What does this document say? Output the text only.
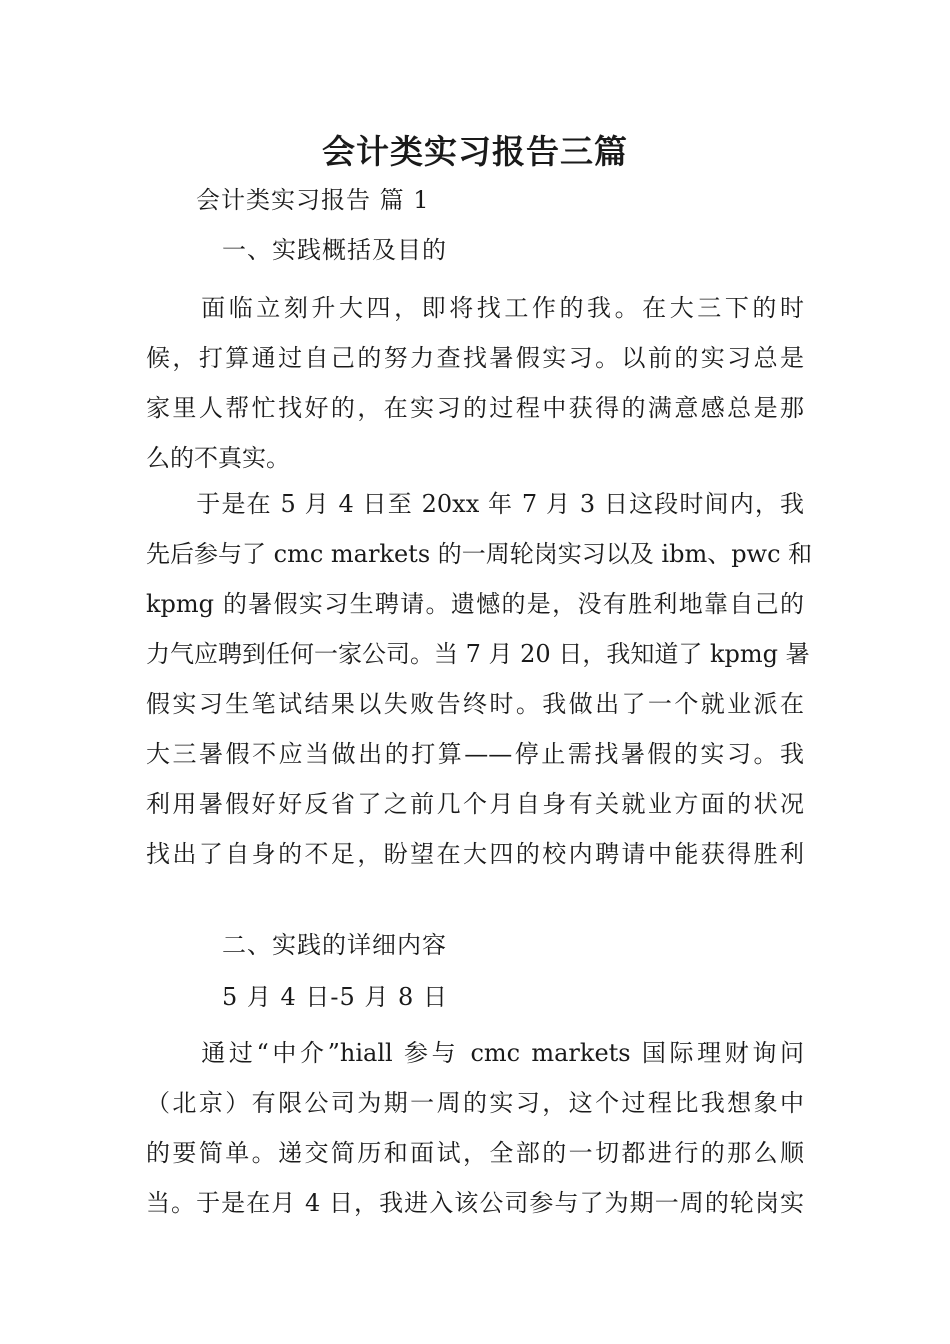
会计类实习报告三篇
会计类实习报告 篇 1
一、实践概括及目的
　　面临立刻升大四，即将找工作的我。在大三下的时
候，打算通过自己的努力查找暑假实习。以前的实习总是
家里人帮忙找好的，在实习的过程中获得的满意感总是那
么的不真实。
　　于是在 5 月 4 日至 20xx 年 7 月 3 日这段时间内，我
先后参与了 cmc markets 的一周轮岗实习以及 ibm、pwc 和
kpmg 的暑假实习生聘请。遗憾的是，没有胜利地靠自己的
力气应聘到任何一家公司。当 7 月 20 日，我知道了 kpmg 暑
假实习生笔试结果以失败告终时。我做出了一个就业派在
大三暑假不应当做出的打算——停止需找暑假的实习。我
利用暑假好好反省了之前几个月自身有关就业方面的状况
找出了自身的不足，盼望在大四的校内聘请中能获得胜利
二、实践的详细内容
5 月 4 日-5 月 8 日
　　通过“中介”hiall 参与 cmc markets 国际理财询问
（北京）有限公司为期一周的实习，这个过程比我想象中
的要简单。递交简历和面试，全部的一切都进行的那么顺
当。于是在月 4 日，我进入该公司参与了为期一周的轮岗实
